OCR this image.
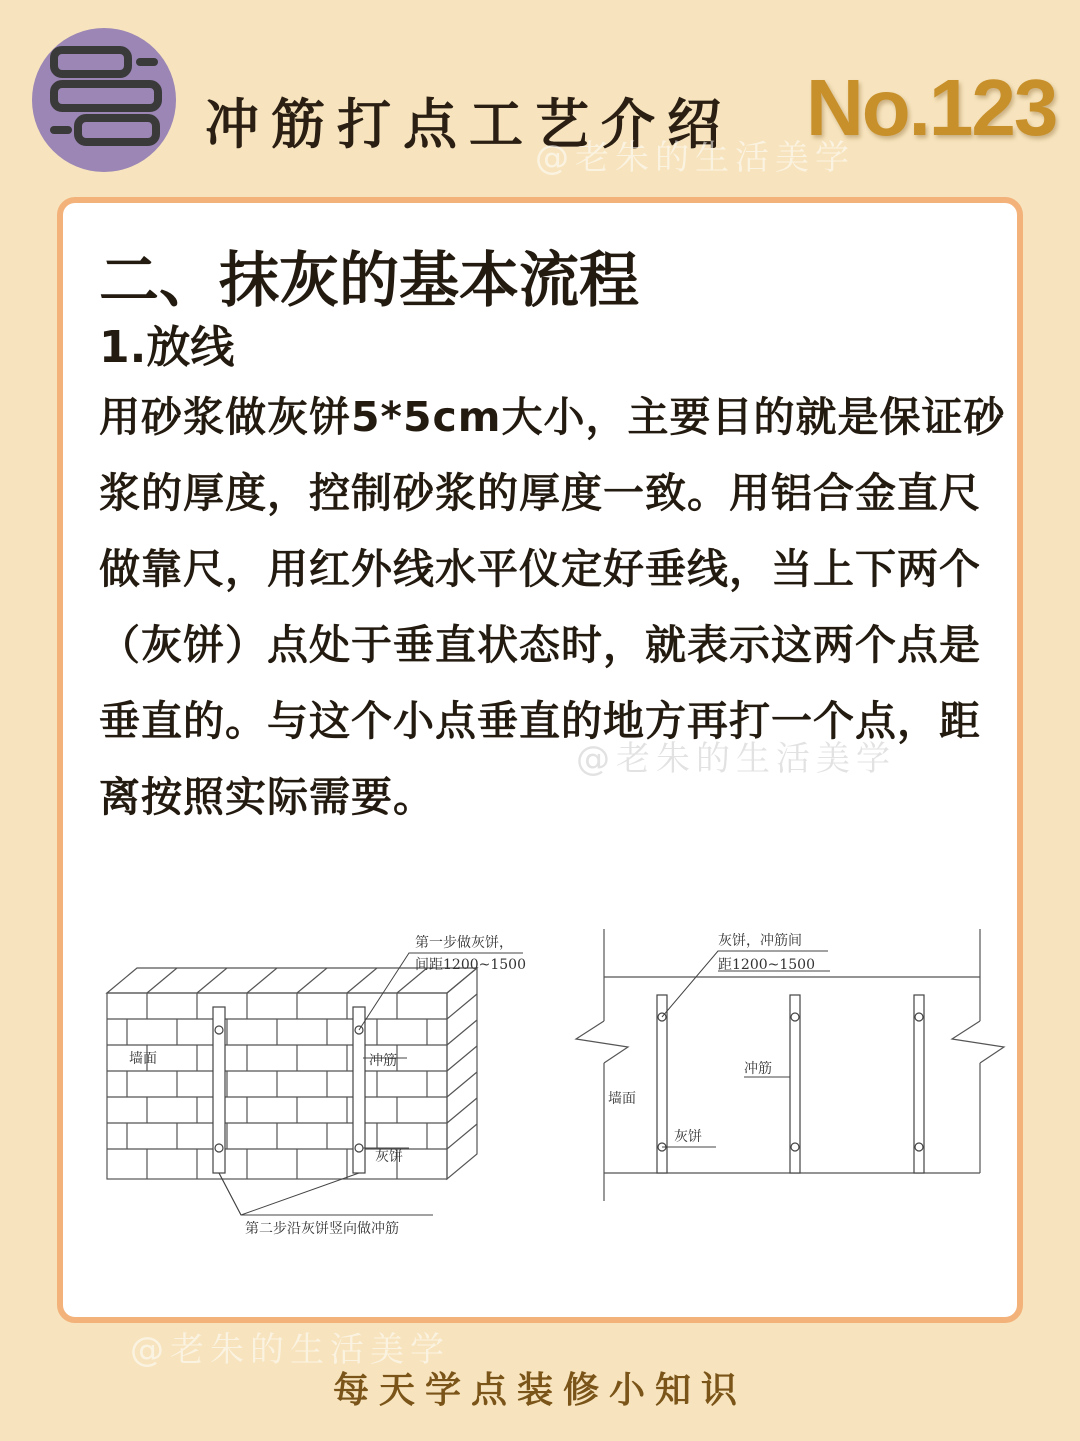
冲筋打点工艺介绍 No.123
@老朱的生活美学
二、抹灰的基本流程
1.放线
用砂浆做灰饼5*5cm大小，主要目的就是保证砂浆的厚度，控制砂浆的厚度一致。用铝合金直尺做靠尺，用红外线水平仪定好垂线，当上下两个（灰饼）点处于垂直状态时，就表示这两个点是垂直的。与这个小点垂直的地方再打一个点，距离按照实际需要。
@老朱的生活美学
第一步做灰饼，
间距1200~1500
墙面	冲筋
灰饼
第二步沿灰饼竖向做冲筋
灰饼，冲筋间
距1200~1500
冲筋
墙面
灰饼
@老朱的生活美学
每天学点装修小知识
